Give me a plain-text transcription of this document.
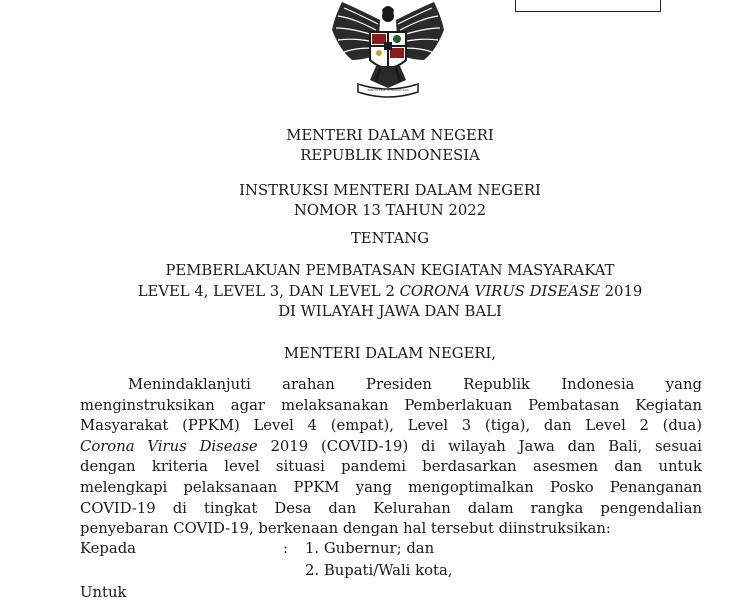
BHINNEKA TUNGGAL IKA
MENTERI DALAM NEGERI
REPUBLIK INDONESIA
INSTRUKSI MENTERI DALAM NEGERI
NOMOR 13 TAHUN 2022
TENTANG
PEMBERLAKUAN PEMBATASAN KEGIATAN MASYARAKAT
LEVEL 4, LEVEL 3, DAN LEVEL 2 CORONA VIRUS DISEASE 2019
DI WILAYAH JAWA DAN BALI
MENTERI DALAM NEGERI,
Menindaklanjuti arahan Presiden Republik Indonesia yang
menginstruksikan agar melaksanakan Pemberlakuan Pembatasan Kegiatan
Masyarakat (PPKM) Level 4 (empat), Level 3 (tiga), dan Level 2 (dua)
Corona Virus Disease 2019 (COVID-19) di wilayah Jawa dan Bali, sesuai
dengan kriteria level situasi pandemi berdasarkan asesmen dan untuk
melengkapi pelaksanaan PPKM yang mengoptimalkan Posko Penanganan
COVID-19 di tingkat Desa dan Kelurahan dalam rangka pengendalian
penyebaran COVID-19, berkenaan dengan hal tersebut diinstruksikan:
Kepada	: 1. Gubernur; dan
2. Bupati/Wali kota,
Untuk
